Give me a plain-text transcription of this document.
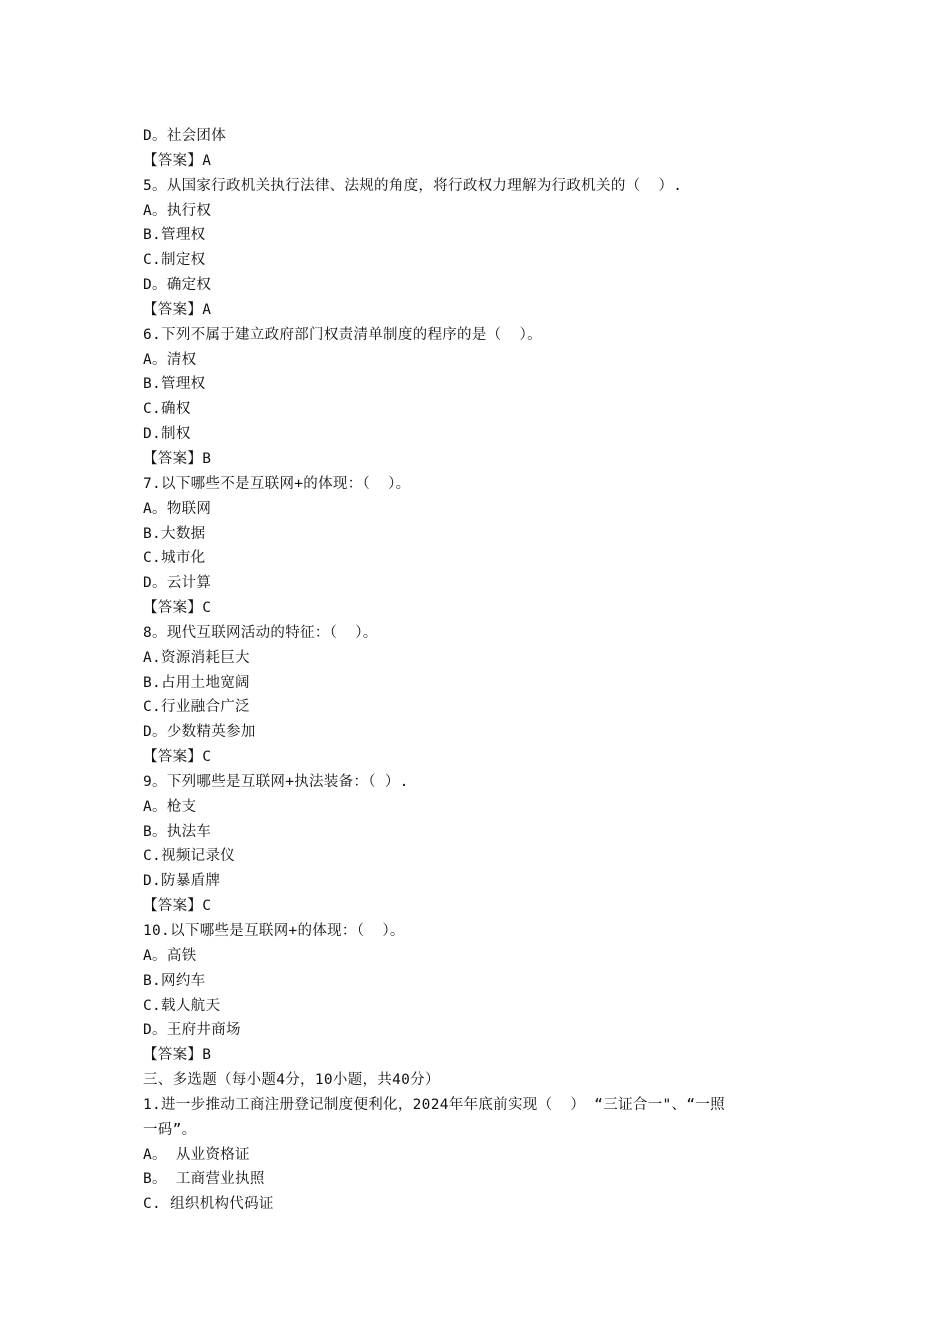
D。社会团体
【答案】A
5。从国家行政机关执行法律、法规的角度，将行政权力理解为行政机关的（  ）.
A。执行权
B.管理权
C.制定权
D。确定权
【答案】A
6.下列不属于建立政府部门权责清单制度的程序的是（  ）。
A。清权
B.管理权
C.确权
D.制权
【答案】B
7.以下哪些不是互联网+的体现：（  ）。
A。物联网
B.大数据
C.城市化
D。云计算
【答案】C
8。现代互联网活动的特征：（  ）。
A.资源消耗巨大
B.占用土地宽阔
C.行业融合广泛
D。少数精英参加
【答案】C
9。下列哪些是互联网+执法装备：（ ）.
A。枪支
B。执法车
C.视频记录仪
D.防暴盾牌
【答案】C
10.以下哪些是互联网+的体现：（  ）。
A。高铁
B.网约车
C.载人航天
D。王府井商场
【答案】B
三、多选题（每小题4分，10小题，共40分）
1.进一步推动工商注册登记制度便利化，2024年年底前实现（  ） “三证合一"、“一照
一码”。
A。 从业资格证
B。 工商营业执照
C. 组织机构代码证
